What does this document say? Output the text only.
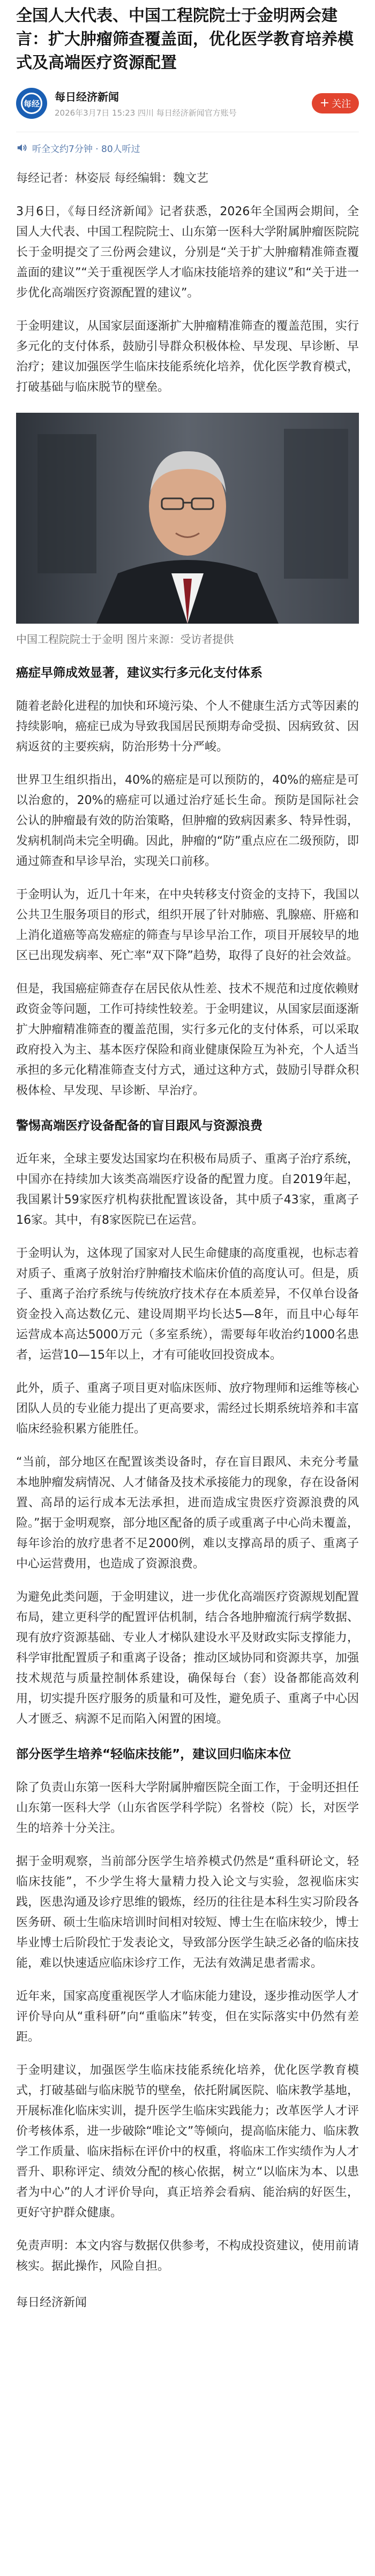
全国人大代表、中国工程院院士于金明两会建言：扩大肿瘤筛查覆盖面，优化医学教育培养模式及高端医疗资源配置
每经
每日经济新闻
2026年3月7日 15:23 四川 每日经济新闻官方账号
+ 关注
听全文约7分钟 · 80人听过
每经记者：林姿辰 每经编辑：魏文艺

3月6日，《每日经济新闻》记者获悉，2026年全国两会期间，全国人大代表、中国工程院院士、山东第一医科大学附属肿瘤医院院长于金明提交了三份两会建议，分别是“关于扩大肿瘤精准筛查覆盖面的建议”“关于重视医学人才临床技能培养的建议”和“关于进一步优化高端医疗资源配置的建议”。

于金明建议，从国家层面逐渐扩大肿瘤精准筛查的覆盖范围，实行多元化的支付体系，鼓励引导群众积极体检、早发现、早诊断、早治疗；建议加强医学生临床技能系统化培养，优化医学教育模式，打破基础与临床脱节的壁垒。

中国工程院院士于金明 图片来源：受访者提供
癌症早筛成效显著，建议实行多元化支付体系

随着老龄化进程的加快和环境污染、个人不健康生活方式等因素的持续影响，癌症已成为导致我国居民预期寿命受损、因病致贫、因病返贫的主要疾病，防治形势十分严峻。

世界卫生组织指出，40%的癌症是可以预防的，40%的癌症是可以治愈的，20%的癌症可以通过治疗延长生命。预防是国际社会公认的肿瘤最有效的防治策略，但肿瘤的致病因素多、特异性弱，发病机制尚未完全明确。因此，肿瘤的“防”重点应在二级预防，即通过筛查和早诊早治，实现关口前移。

于金明认为，近几十年来，在中央转移支付资金的支持下，我国以公共卫生服务项目的形式，组织开展了针对肺癌、乳腺癌、肝癌和上消化道癌等高发癌症的筛查与早诊早治工作，项目开展较早的地区已出现发病率、死亡率“双下降”趋势，取得了良好的社会效益。

但是，我国癌症筛查存在居民依从性差、技术不规范和过度依赖财政资金等问题，工作可持续性较差。于金明建议，从国家层面逐渐扩大肿瘤精准筛查的覆盖范围，实行多元化的支付体系，可以采取政府投入为主、基本医疗保险和商业健康保险互为补充，个人适当承担的多元化精准筛查支付方式，通过这种方式，鼓励引导群众积极体检、早发现、早诊断、早治疗。

警惕高端医疗设备配备的盲目跟风与资源浪费

近年来，全球主要发达国家均在积极布局质子、重离子治疗系统，中国亦在持续加大该类高端医疗设备的配置力度。自2019年起，我国累计59家医疗机构获批配置该设备，其中质子43家，重离子16家。其中，有8家医院已在运营。

于金明认为，这体现了国家对人民生命健康的高度重视，也标志着对质子、重离子放射治疗肿瘤技术临床价值的高度认可。但是，质子、重离子治疗系统与传统放疗技术存在本质差异，不仅单台设备资金投入高达数亿元、建设周期平均长达5—8年，而且中心每年运营成本高达5000万元（多室系统），需要每年收治约1000名患者，运营10—15年以上，才有可能收回投资成本。

此外，质子、重离子项目更对临床医师、放疗物理师和运维等核心团队人员的专业能力提出了更高要求，需经过长期系统培养和丰富临床经验积累方能胜任。

“当前，部分地区在配置该类设备时，存在盲目跟风、未充分考量本地肿瘤发病情况、人才储备及技术承接能力的现象，存在设备闲置、高昂的运行成本无法承担，进而造成宝贵医疗资源浪费的风险。”据于金明观察，部分地区配备的质子或重离子中心尚未覆盖，每年诊治的放疗患者不足2000例，难以支撑高昂的质子、重离子中心运营费用，也造成了资源浪费。

为避免此类问题，于金明建议，进一步优化高端医疗资源规划配置布局，建立更科学的配置评估机制，结合各地肿瘤流行病学数据、现有放疗资源基础、专业人才梯队建设水平及财政实际支撑能力，科学审批配置质子和重离子设备；推动区域协同和资源共享，加强技术规范与质量控制体系建设，确保每台（套）设备都能高效利用，切实提升医疗服务的质量和可及性，避免质子、重离子中心因人才匮乏、病源不足而陷入闲置的困境。

部分医学生培养“轻临床技能”，建议回归临床本位

除了负责山东第一医科大学附属肿瘤医院全面工作，于金明还担任山东第一医科大学（山东省医学科学院）名誉校（院）长，对医学生的培养十分关注。

据于金明观察，当前部分医学生培养模式仍然是“重科研论文，轻临床技能”，不少学生将大量精力投入论文与实验，忽视临床实践，医患沟通及诊疗思维的锻炼，经历的往往是本科生实习阶段各医务研、硕士生临床培训时间相对较短、博士生在临床较少，博士毕业博士后阶段忙于发表论文，导致部分医学生缺乏必备的临床技能，难以快速适应临床诊疗工作，无法有效满足患者需求。

近年来，国家高度重视医学人才临床能力建设，逐步推动医学人才评价导向从“重科研”向“重临床”转变，但在实际落实中仍然有差距。

于金明建议，加强医学生临床技能系统化培养，优化医学教育模式，打破基础与临床脱节的壁垒，依托附属医院、临床教学基地，开展标准化临床实训，提升医学生临床实践能力；改革医学人才评价考核体系，进一步破除“唯论文”等倾向，提高临床能力、临床教学工作质量、临床指标在评价中的权重，将临床工作实绩作为人才晋升、职称评定、绩效分配的核心依据，树立“以临床为本、以患者为中心”的人才评价导向，真正培养会看病、能治病的好医生，更好守护群众健康。

免责声明：本文内容与数据仅供参考，不构成投资建议，使用前请核实。据此操作，风险自担。

每日经济新闻
